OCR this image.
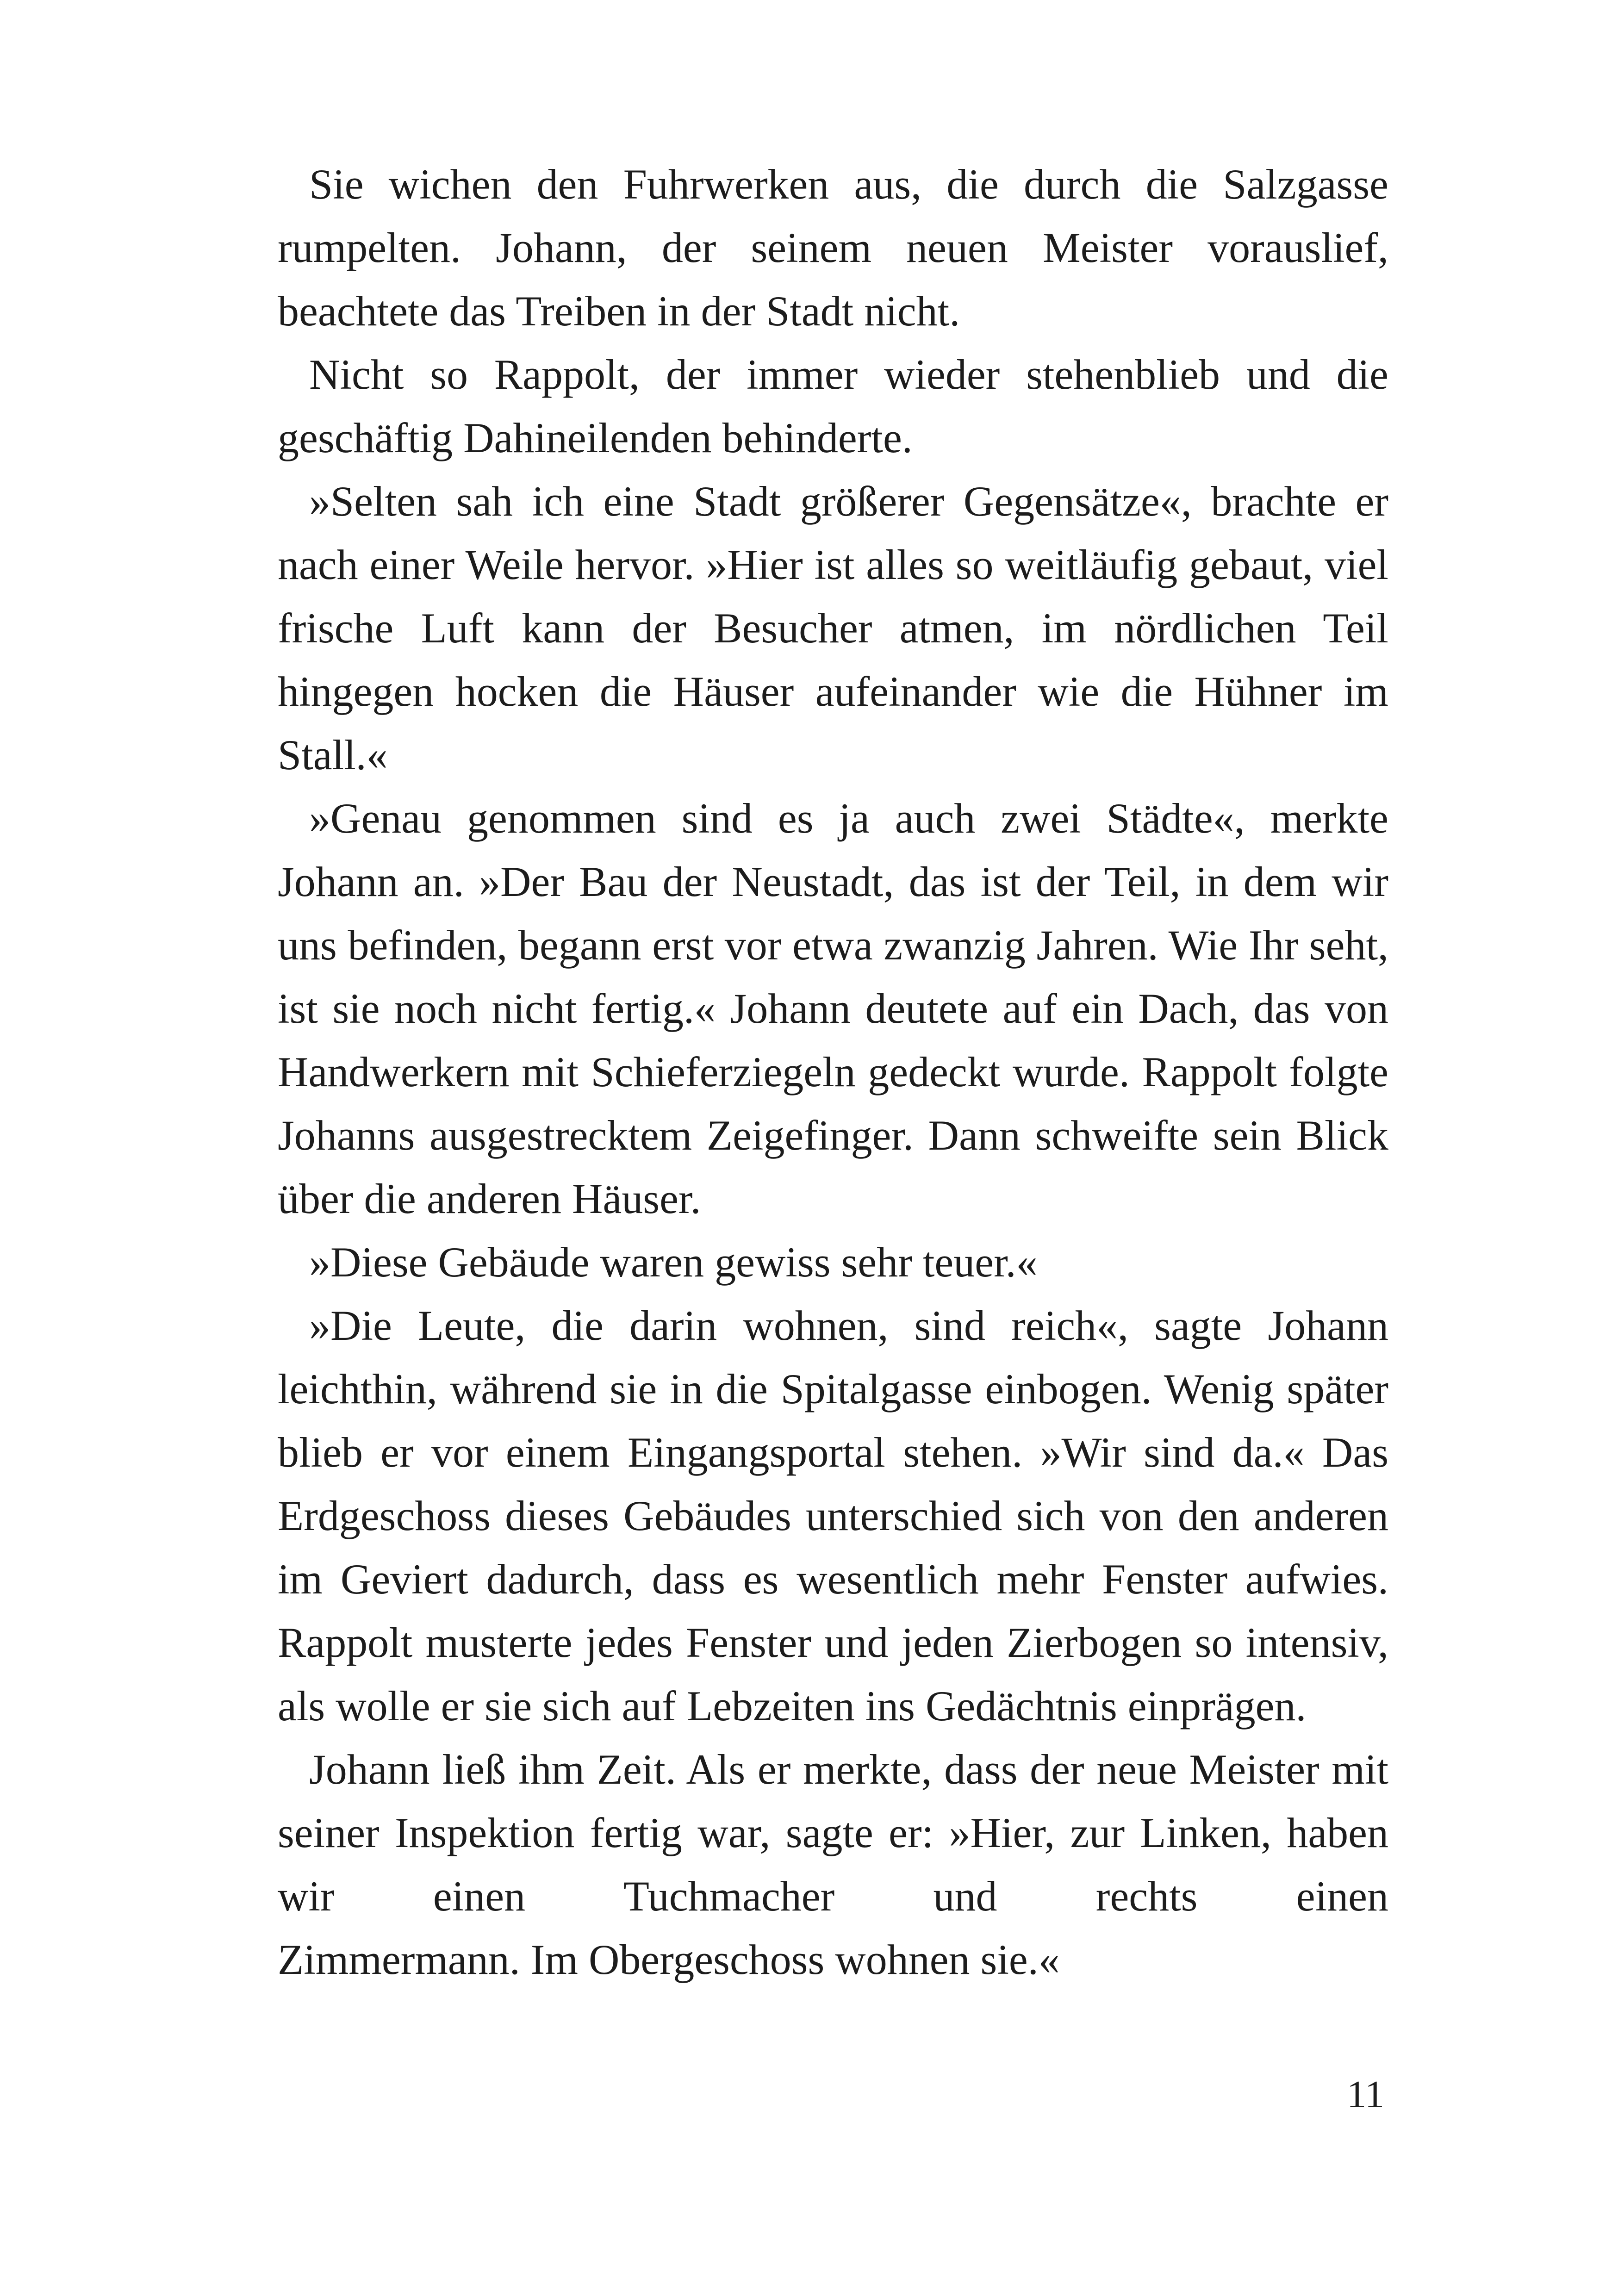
Sie wichen den Fuhrwerken aus, die durch die Salzgasse rumpelten. Johann, der seinem neuen Meister vorauslief, beachtete das Treiben in der Stadt nicht.

Nicht so Rappolt, der immer wieder stehenblieb und die geschäftig Dahineilenden behinderte.

»Selten sah ich eine Stadt größerer Gegensätze«, brachte er nach einer Weile hervor. »Hier ist alles so weitläufig gebaut, viel frische Luft kann der Besucher atmen, im nördlichen Teil hingegen hocken die Häuser aufeinander wie die Hühner im Stall.«

»Genau genommen sind es ja auch zwei Städte«, merkte Johann an. »Der Bau der Neustadt, das ist der Teil, in dem wir uns befinden, begann erst vor etwa zwanzig Jahren. Wie Ihr seht, ist sie noch nicht fertig.« Johann deutete auf ein Dach, das von Handwerkern mit Schieferziegeln gedeckt wurde. Rappolt folgte Johanns ausgestrecktem Zeigefinger. Dann schweifte sein Blick über die anderen Häuser.

»Diese Gebäude waren gewiss sehr teuer.«

»Die Leute, die darin wohnen, sind reich«, sagte Johann leichthin, während sie in die Spitalgasse einbogen. Wenig später blieb er vor einem Eingangsportal stehen. »Wir sind da.« Das Erdgeschoss dieses Gebäudes unterschied sich von den anderen im Geviert dadurch, dass es wesentlich mehr Fenster aufwies. Rappolt musterte jedes Fenster und jeden Zierbogen so intensiv, als wolle er sie sich auf Lebzeiten ins Gedächtnis einprägen.

Johann ließ ihm Zeit. Als er merkte, dass der neue Meister mit seiner Inspektion fertig war, sagte er: »Hier, zur Linken, haben wir einen Tuchmacher und rechts einen

Zimmermann. Im Obergeschoss wohnen sie.«

11
